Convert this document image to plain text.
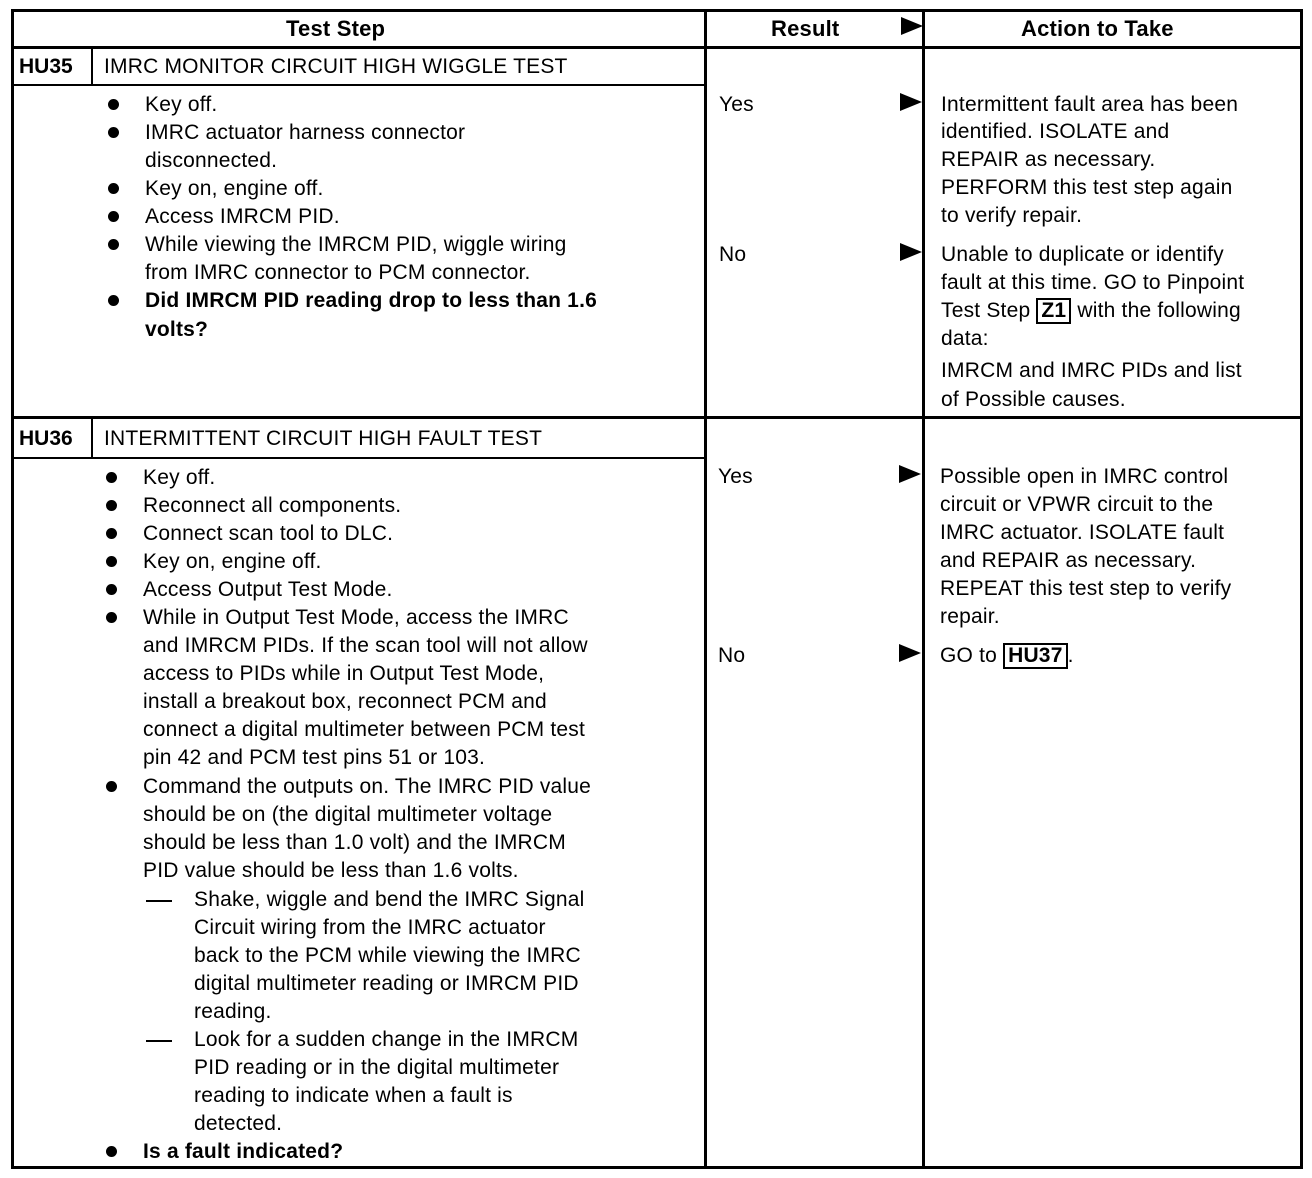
Test Step	Result	Action to Take
HU35 IMRC MONITOR CIRCUIT HIGH WIGGLE TEST
Key off.
IMRC actuator harness connector
disconnected.
Key on, engine off.
Access IMRCM PID.
While viewing the IMRCM PID, wiggle wiring
from IMRC connector to PCM connector.
Did IMRCM PID reading drop to less than 1.6
volts?
Yes	Intermittent fault area has been
identified. ISOLATE and
REPAIR as necessary.
PERFORM this test step again
to verify repair.
No	Unable to duplicate or identify
fault at this time. GO to Pinpoint
Test Step Z1 with the following
data:
IMRCM and IMRC PIDs and list
of Possible causes.
HU36 INTERMITTENT CIRCUIT HIGH FAULT TEST
Key off.
Reconnect all components.
Connect scan tool to DLC.
Key on, engine off.
Access Output Test Mode.
While in Output Test Mode, access the IMRC
and IMRCM PIDs. If the scan tool will not allow
access to PIDs while in Output Test Mode,
install a breakout box, reconnect PCM and
connect a digital multimeter between PCM test
pin 42 and PCM test pins 51 or 103.
Command the outputs on. The IMRC PID value
should be on (the digital multimeter voltage
should be less than 1.0 volt) and the IMRCM
PID value should be less than 1.6 volts.
Shake, wiggle and bend the IMRC Signal
Circuit wiring from the IMRC actuator
back to the PCM while viewing the IMRC
digital multimeter reading or IMRCM PID
reading.
Look for a sudden change in the IMRCM
PID reading or in the digital multimeter
reading to indicate when a fault is
detected.
Is a fault indicated?
Yes	Possible open in IMRC control
circuit or VPWR circuit to the
IMRC actuator. ISOLATE fault
and REPAIR as necessary.
REPEAT this test step to verify
repair.
No	GO to HU37 .
